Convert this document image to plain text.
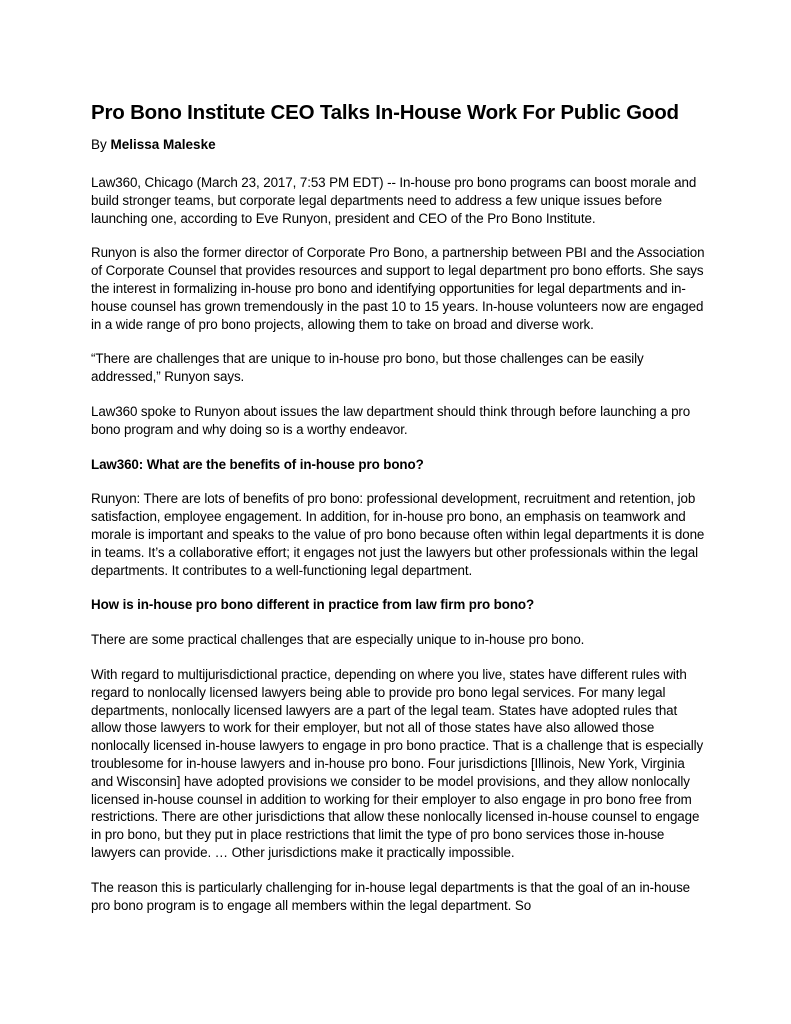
Pro Bono Institute CEO Talks In-House Work For Public Good
By Melissa Maleske

Law360, Chicago (March 23, 2017, 7:53 PM EDT) -- In-house pro bono programs can boost morale and build stronger teams, but corporate legal departments need to address a few unique issues before launching one, according to Eve Runyon, president and CEO of the Pro Bono Institute.

Runyon is also the former director of Corporate Pro Bono, a partnership between PBI and the Association of Corporate Counsel that provides resources and support to legal department pro bono efforts. She says the interest in formalizing in-house pro bono and identifying opportunities for legal departments and in-house counsel has grown tremendously in the past 10 to 15 years. In-house volunteers now are engaged in a wide range of pro bono projects, allowing them to take on broad and diverse work.

“There are challenges that are unique to in-house pro bono, but those challenges can be easily addressed,” Runyon says.

Law360 spoke to Runyon about issues the law department should think through before launching a pro bono program and why doing so is a worthy endeavor.

Law360: What are the benefits of in-house pro bono?

Runyon: There are lots of benefits of pro bono: professional development, recruitment and retention, job satisfaction, employee engagement. In addition, for in-house pro bono, an emphasis on teamwork and morale is important and speaks to the value of pro bono because often within legal departments it is done in teams. It’s a collaborative effort; it engages not just the lawyers but other professionals within the legal departments. It contributes to a well-functioning legal department.

How is in-house pro bono different in practice from law firm pro bono?

There are some practical challenges that are especially unique to in-house pro bono.

With regard to multijurisdictional practice, depending on where you live, states have different rules with regard to nonlocally licensed lawyers being able to provide pro bono legal services. For many legal departments, nonlocally licensed lawyers are a part of the legal team. States have adopted rules that allow those lawyers to work for their employer, but not all of those states have also allowed those nonlocally licensed in-house lawyers to engage in pro bono practice. That is a challenge that is especially troublesome for in-house lawyers and in-house pro bono. Four jurisdictions [Illinois, New York, Virginia and Wisconsin] have adopted provisions we consider to be model provisions, and they allow nonlocally licensed in-house counsel in addition to working for their employer to also engage in pro bono free from restrictions. There are other jurisdictions that allow these nonlocally licensed in-house counsel to engage in pro bono, but they put in place restrictions that limit the type of pro bono services those in-house lawyers can provide. … Other jurisdictions make it practically impossible.

The reason this is particularly challenging for in-house legal departments is that the goal of an in-house pro bono program is to engage all members within the legal department. So
